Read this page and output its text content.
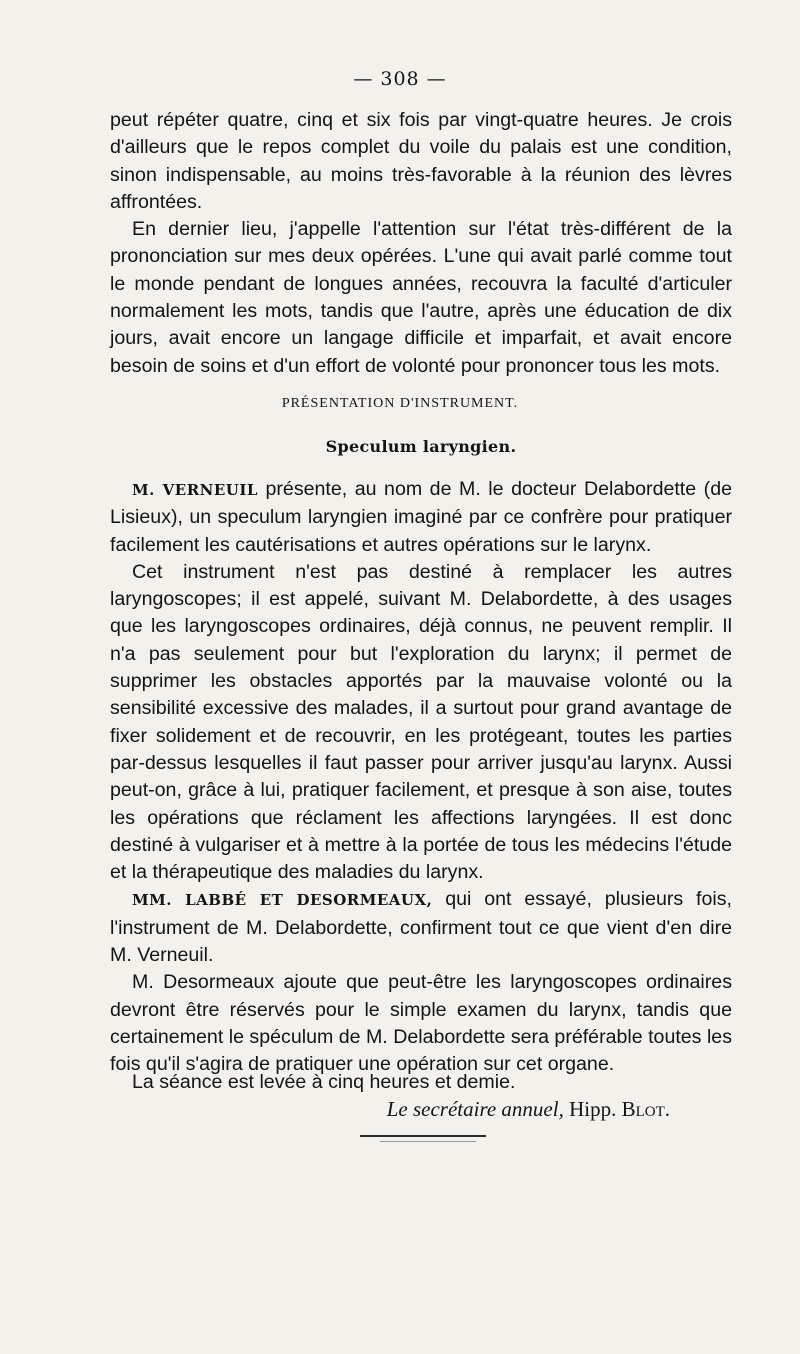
— 308 —

peut répéter quatre, cinq et six fois par vingt-quatre heures. Je crois d'ailleurs que le repos complet du voile du palais est une condition, sinon indispensable, au moins très-favorable à la réunion des lèvres affrontées.

En dernier lieu, j'appelle l'attention sur l'état très-différent de la prononciation sur mes deux opérées. L'une qui avait parlé comme tout le monde pendant de longues années, recouvra la faculté d'articuler normalement les mots, tandis que l'autre, après une éducation de dix jours, avait encore un langage difficile et imparfait, et avait encore besoin de soins et d'un effort de volonté pour prononcer tous les mots.

PRÉSENTATION D'INSTRUMENT.
Speculum laryngien.

M. VERNEUIL présente, au nom de M. le docteur Delabordette (de Lisieux), un speculum laryngien imaginé par ce confrère pour pratiquer facilement les cautérisations et autres opérations sur le larynx.

Cet instrument n'est pas destiné à remplacer les autres laryngoscopes; il est appelé, suivant M. Delabordette, à des usages que les laryngoscopes ordinaires, déjà connus, ne peuvent remplir. Il n'a pas seulement pour but l'exploration du larynx; il permet de supprimer les obstacles apportés par la mauvaise volonté ou la sensibilité excessive des malades, il a surtout pour grand avantage de fixer solidement et de recouvrir, en les protégeant, toutes les parties par-dessus lesquelles il faut passer pour arriver jusqu'au larynx. Aussi peut-on, grâce à lui, pratiquer facilement, et presque à son aise, toutes les opérations que réclament les affections laryngées. Il est donc destiné à vulgariser et à mettre à la portée de tous les médecins l'étude et la thérapeutique des maladies du larynx.

MM. LABBÉ ET DESORMEAUX, qui ont essayé, plusieurs fois, l'instrument de M. Delabordette, confirment tout ce que vient d'en dire M. Verneuil.

M. Desormeaux ajoute que peut-être les laryngoscopes ordinaires devront être réservés pour le simple examen du larynx, tandis que certainement le spéculum de M. Delabordette sera préférable toutes les fois qu'il s'agira de pratiquer une opération sur cet organe.

La séance est levée à cinq heures et demie.

Le secrétaire annuel, Hipp. Blot.
